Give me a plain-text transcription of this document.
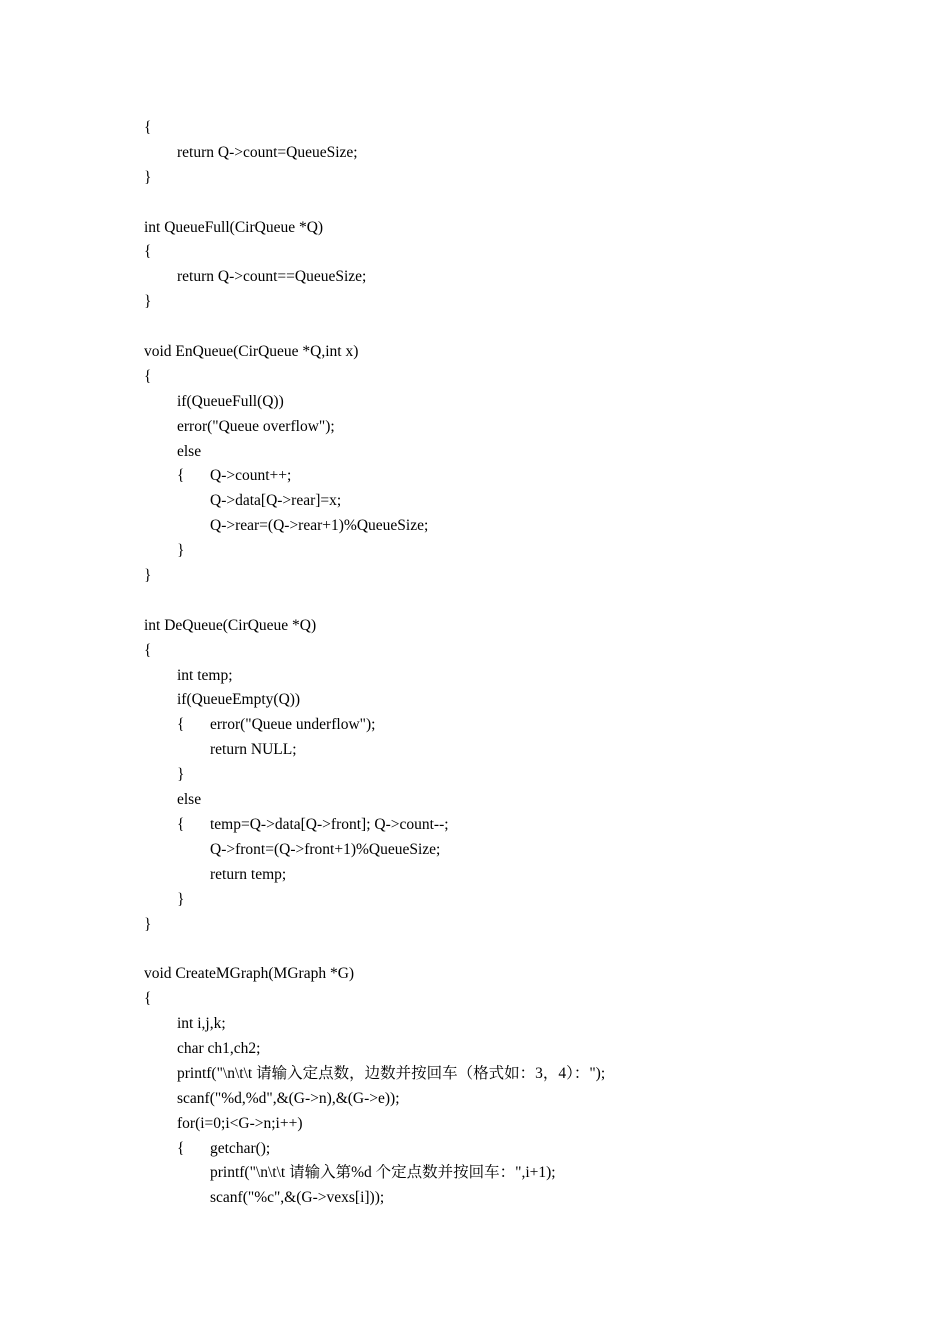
{
return Q->count=QueueSize;
}
int QueueFull(CirQueue *Q)
{
return Q->count==QueueSize;
}
void EnQueue(CirQueue *Q,int x)
{
if(QueueFull(Q))
error("Queue overflow");
else
{ Q->count++;
Q->data[Q->rear]=x;
Q->rear=(Q->rear+1)%QueueSize;
}
}
int DeQueue(CirQueue *Q)
{
int temp;
if(QueueEmpty(Q))
{ error("Queue underflow");
return NULL;
}
else
{ temp=Q->data[Q->front]; Q->count--;
Q->front=(Q->front+1)%QueueSize;
return temp;
}
}
void CreateMGraph(MGraph *G)
{
int i,j,k;
char ch1,ch2;
printf("\n\t\t 请输入定点数，边数并按回车（格式如：3，4）：");
scanf("%d,%d",&(G->n),&(G->e));
for(i=0;i<G->n;i++)
{ getchar();
printf("\n\t\t 请输入第%d 个定点数并按回车：",i+1);
scanf("%c",&(G->vexs[i]));
